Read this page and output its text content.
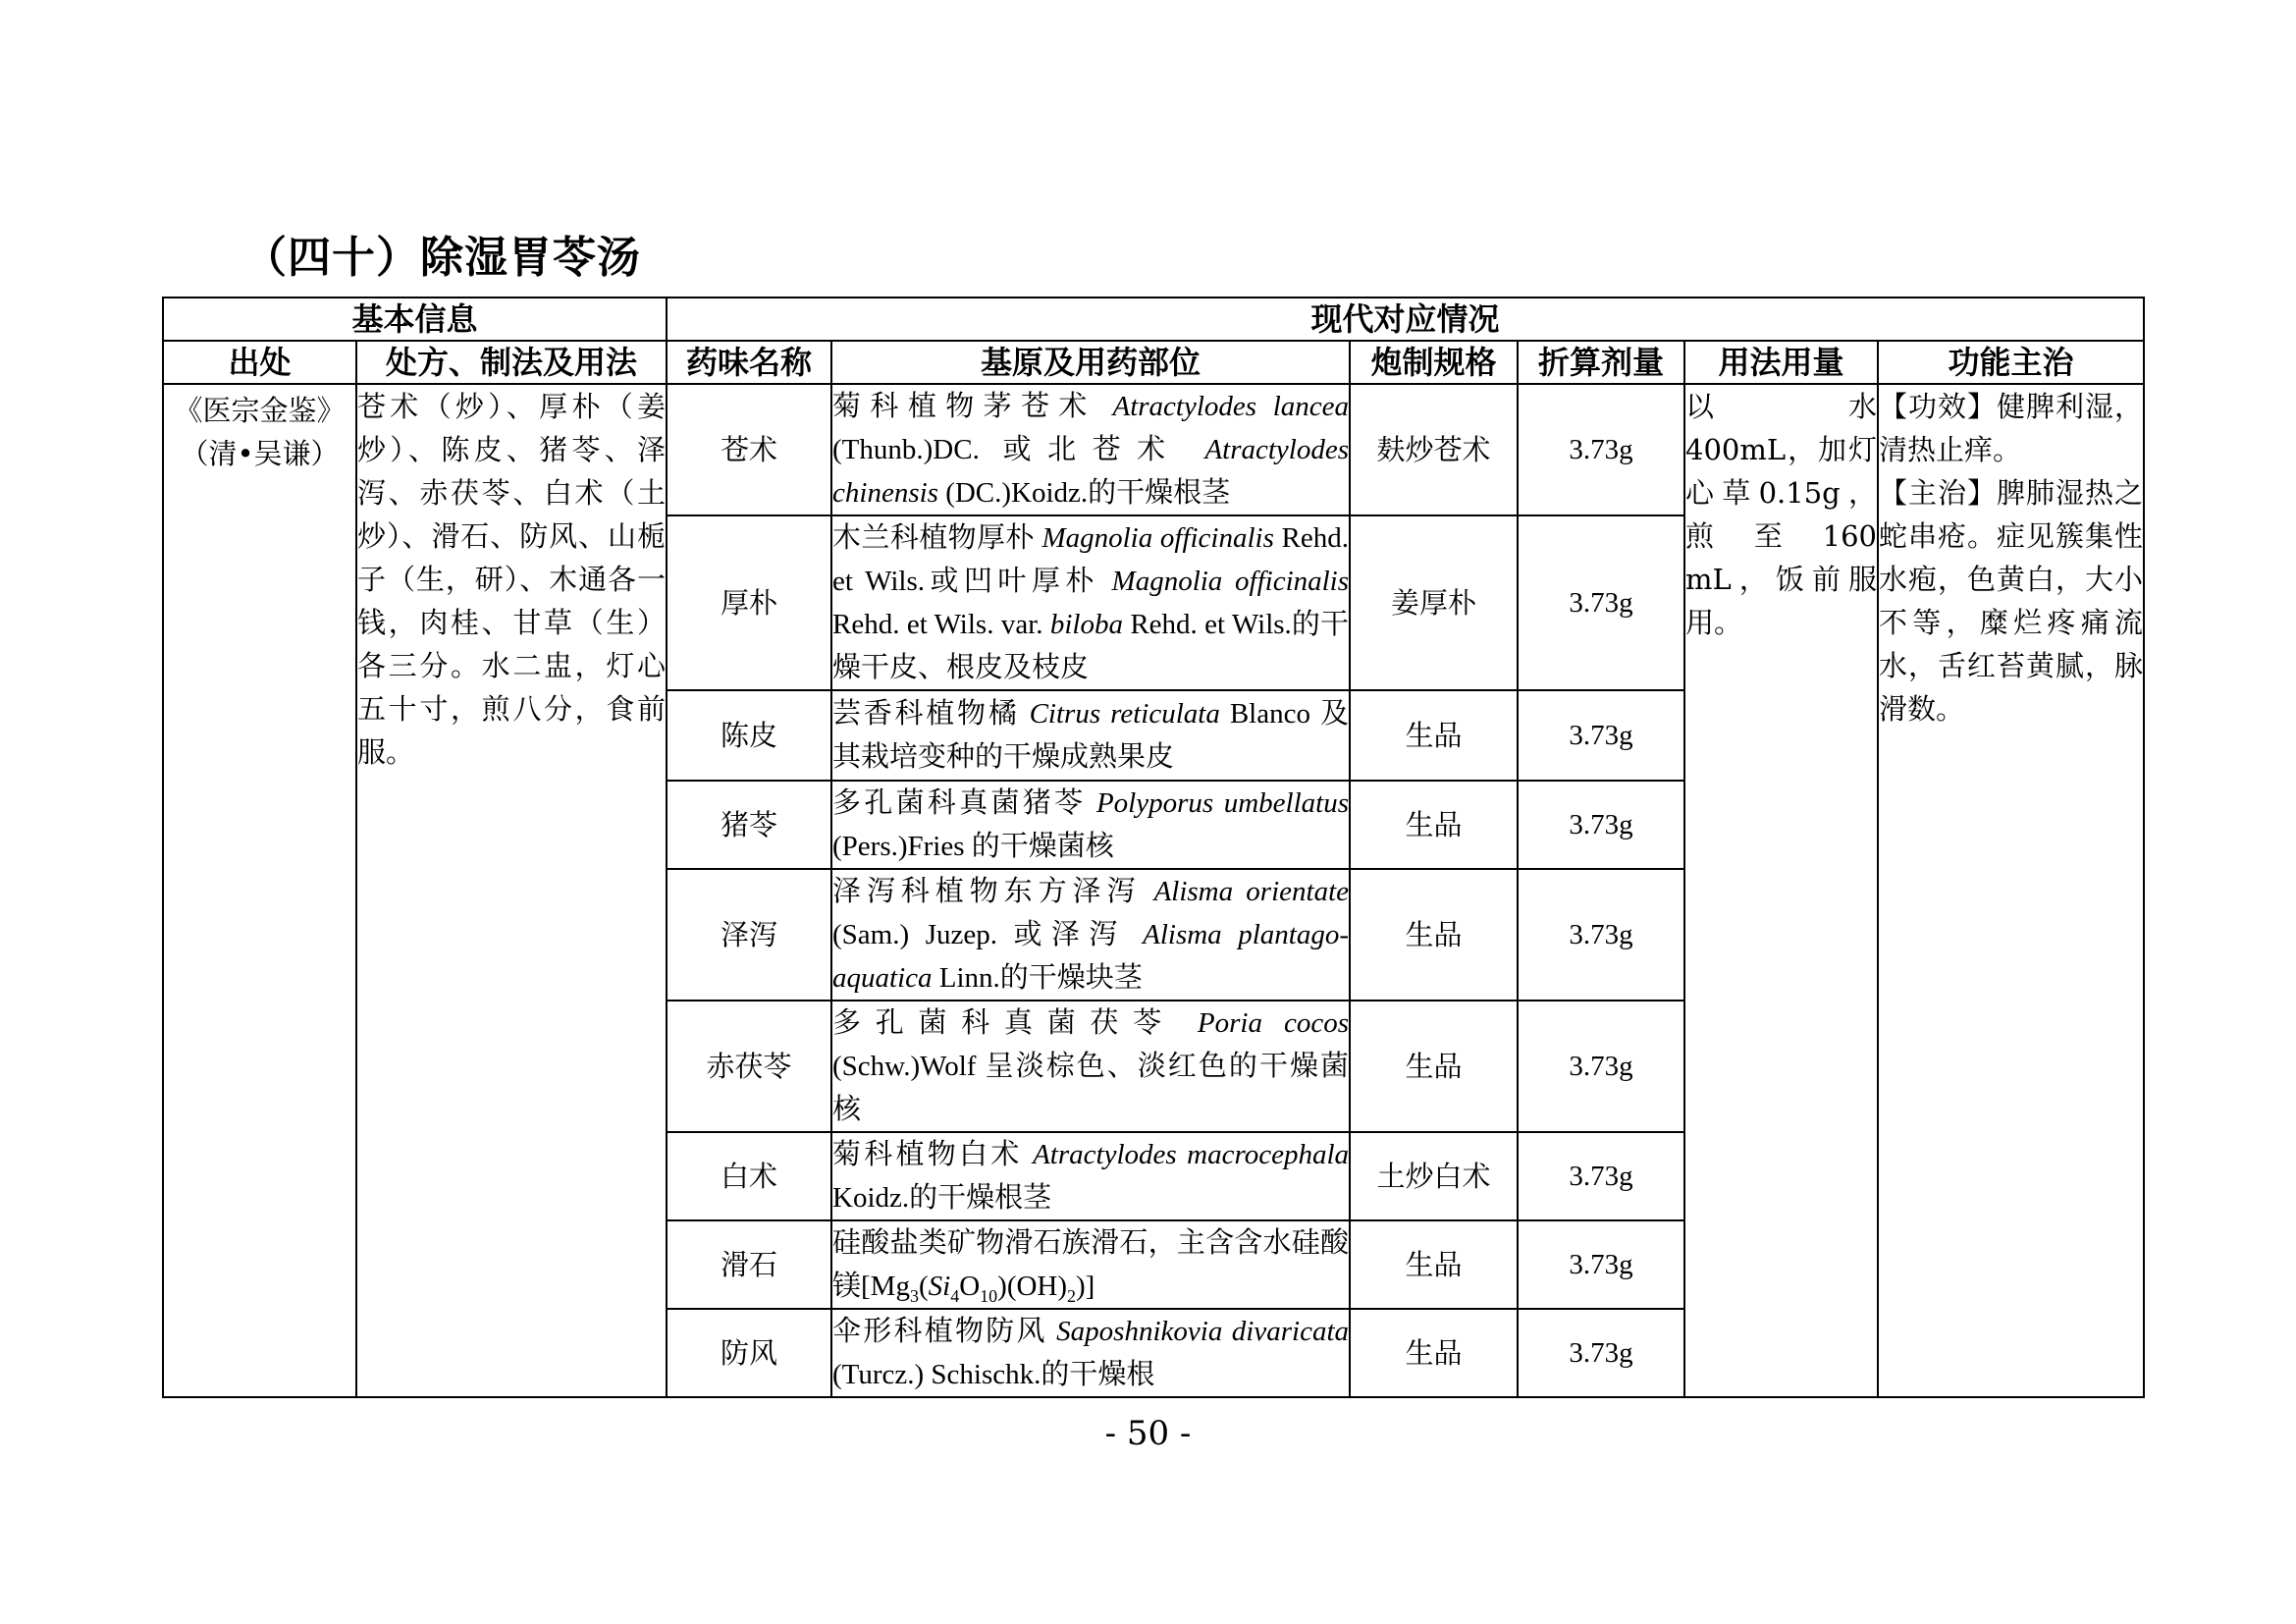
（四十）除湿胃苓汤
基本信息		现代对应情况					
出处	处方、制法及用法	药味名称	基原及用药部位	炮制规格	折算剂量	用法用量	功能主治
《医宗金鉴》（清•吴谦）	苍术（炒）、厚朴（姜炒）、陈皮、猪苓、泽泻、赤茯苓、白术（土炒）、滑石、防风、山栀子（生，研）、木通各一钱，肉桂、甘草（生）各三分。水二盅，灯心五十寸，煎八分，食前服。	苍术	菊科植物茅苍术 Atractylodes lancea (Thunb.)DC. 或北苍术 Atractylodes chinensis (DC.)Koidz.的干燥根茎	麸炒苍术	3.73g	以水 400mL，加灯心草0.15g，煎至160 mL，饭前服用。	【功效】健脾利湿，清热止痒。
【主治】脾肺湿热之蛇串疮。症见簇集性水疱，色黄白，大小不等，糜烂疼痛流水，舌红苔黄腻，脉滑数。
		厚朴	木兰科植物厚朴 Magnolia officinalis Rehd. et Wils.或凹叶厚朴 Magnolia officinalis Rehd. et Wils. var. biloba Rehd. et Wils.的干燥干皮、根皮及枝皮	姜厚朴	3.73g		
		陈皮	芸香科植物橘 Citrus reticulata Blanco 及其栽培变种的干燥成熟果皮	生品	3.73g		
		猪苓	多孔菌科真菌猪苓 Polyporus umbellatus (Pers.)Fries 的干燥菌核	生品	3.73g		
		泽泻	泽泻科植物东方泽泻 Alisma orientate (Sam.) Juzep. 或泽泻 Alisma plantago-aquatica Linn.的干燥块茎	生品	3.73g		
		赤茯苓	多孔菌科真菌茯苓 Poria cocos (Schw.)Wolf 呈淡棕色、淡红色的干燥菌核	生品	3.73g		
		白术	菊科植物白术 Atractylodes macrocephala Koidz.的干燥根茎	土炒白术	3.73g		
		滑石	硅酸盐类矿物滑石族滑石，主含含水硅酸镁$[Mg_3(Si_4O_{10})(OH)_2)$]	生品	3.73g		
		防风	伞形科植物防风 Saposhnikovia divaricata (Turcz.) Schischk.的干燥根	生品	3.73g		
- 50 -
